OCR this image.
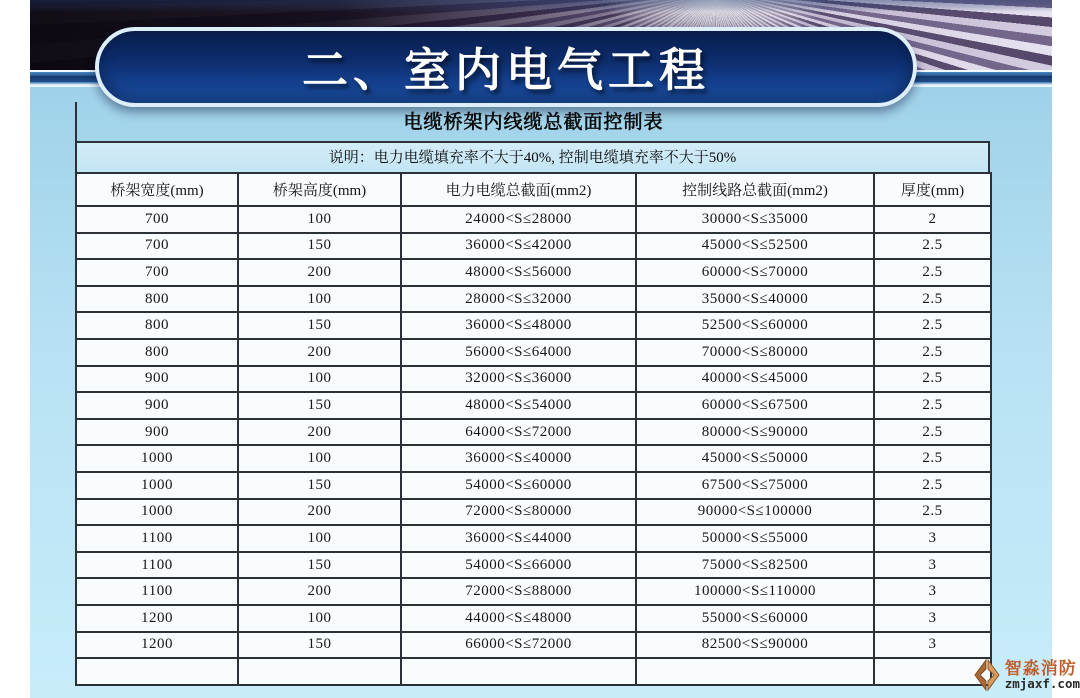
二、室内电气工程
电缆桥架内线缆总截面控制表
说明：电力电缆填充率不大于40%, 控制电缆填充率不大于50%
桥架宽度(mm)	桥架高度(mm)	电力电缆总截面(mm2)	控制线路总截面(mm2)	厚度(mm)
700	100	24000<S≤28000	30000<S≤35000	2
700	150	36000<S≤42000	45000<S≤52500	2.5
700	200	48000<S≤56000	60000<S≤70000	2.5
800	100	28000<S≤32000	35000<S≤40000	2.5
800	150	36000<S≤48000	52500<S≤60000	2.5
800	200	56000<S≤64000	70000<S≤80000	2.5
900	100	32000<S≤36000	40000<S≤45000	2.5
900	150	48000<S≤54000	60000<S≤67500	2.5
900	200	64000<S≤72000	80000<S≤90000	2.5
1000	100	36000<S≤40000	45000<S≤50000	2.5
1000	150	54000<S≤60000	67500<S≤75000	2.5
1000	200	72000<S≤80000	90000<S≤100000	2.5
1100	100	36000<S≤44000	50000<S≤55000	3
1100	150	54000<S≤66000	75000<S≤82500	3
1100	200	72000<S≤88000	100000<S≤110000	3
1200	100	44000<S≤48000	55000<S≤60000	3
1200	150	66000<S≤72000	82500<S≤90000	3

智淼消防
zmjaxf.com
